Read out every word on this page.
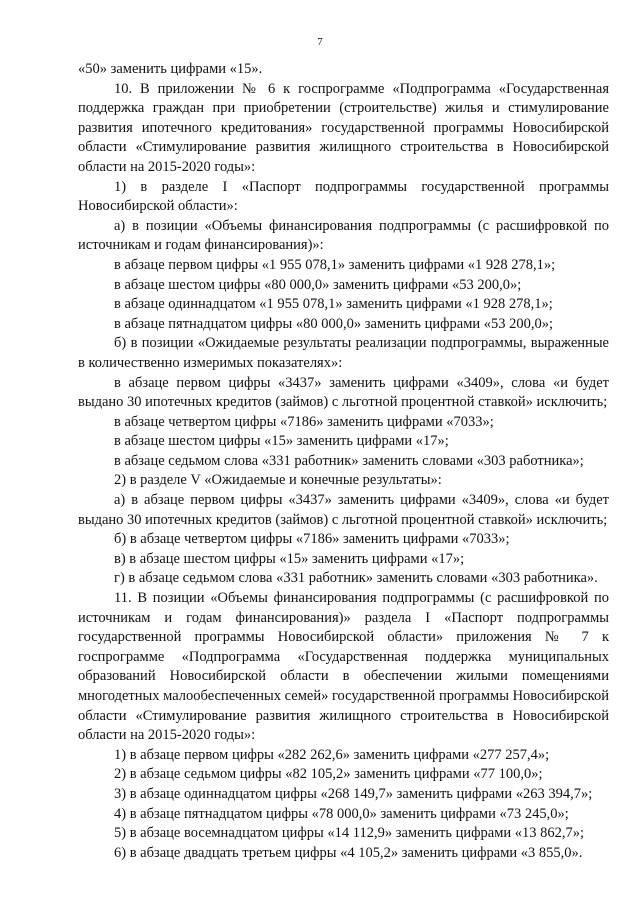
7

«50» заменить цифрами «15».

10. В приложении № 6 к госпрограмме «Подпрограмма «Государственная поддержка граждан при приобретении (строительстве) жилья и стимулирование развития ипотечного кредитования» государственной программы Новосибирской области «Стимулирование развития жилищного строительства в Новосибирской области на 2015-2020 годы»:

1) в разделе I «Паспорт подпрограммы государственной программы Новосибирской области»:

а) в позиции «Объемы финансирования подпрограммы (с расшифровкой по источникам и годам финансирования)»:

в абзаце первом цифры «1 955 078,1» заменить цифрами «1 928 278,1»;

в абзаце шестом цифры «80 000,0» заменить цифрами «53 200,0»;

в абзаце одиннадцатом «1 955 078,1» заменить цифрами «1 928 278,1»;

в абзаце пятнадцатом цифры «80 000,0» заменить цифрами «53 200,0»;

б) в позиции «Ожидаемые результаты реализации подпрограммы, выраженные в количественно измеримых показателях»:

в абзаце первом цифры «3437» заменить цифрами «3409», слова «и будет выдано 30 ипотечных кредитов (займов) с льготной процентной ставкой» исключить;

в абзаце четвертом цифры «7186» заменить цифрами «7033»;

в абзаце шестом цифры «15» заменить цифрами «17»;

в абзаце седьмом слова «331 работник» заменить словами «303 работника»;

2) в разделе V «Ожидаемые и конечные результаты»:

а) в абзаце первом цифры «3437» заменить цифрами «3409», слова «и будет выдано 30 ипотечных кредитов (займов) с льготной процентной ставкой» исключить;

б) в абзаце четвертом цифры «7186» заменить цифрами «7033»;

в) в абзаце шестом цифры «15» заменить цифрами «17»;

г) в абзаце седьмом слова «331 работник» заменить словами «303 работника».

11. В позиции «Объемы финансирования подпрограммы (с расшифровкой по источникам и годам финансирования)» раздела I «Паспорт подпрограммы государственной программы Новосибирской области» приложения № 7 к госпрограмме «Подпрограмма «Государственная поддержка муниципальных образований Новосибирской области в обеспечении жилыми помещениями многодетных малообеспеченных семей» государственной программы Новосибирской области «Стимулирование развития жилищного строительства в Новосибирской области на 2015-2020 годы»:

1) в абзаце первом цифры «282 262,6» заменить цифрами «277 257,4»;

2) в абзаце седьмом цифры «82 105,2» заменить цифрами «77 100,0»;

3) в абзаце одиннадцатом цифры «268 149,7» заменить цифрами «263 394,7»;

4) в абзаце пятнадцатом цифры «78 000,0» заменить цифрами «73 245,0»;

5) в абзаце восемнадцатом цифры «14 112,9» заменить цифрами «13 862,7»;

6) в абзаце двадцать третьем цифры «4 105,2» заменить цифрами «3 855,0».
